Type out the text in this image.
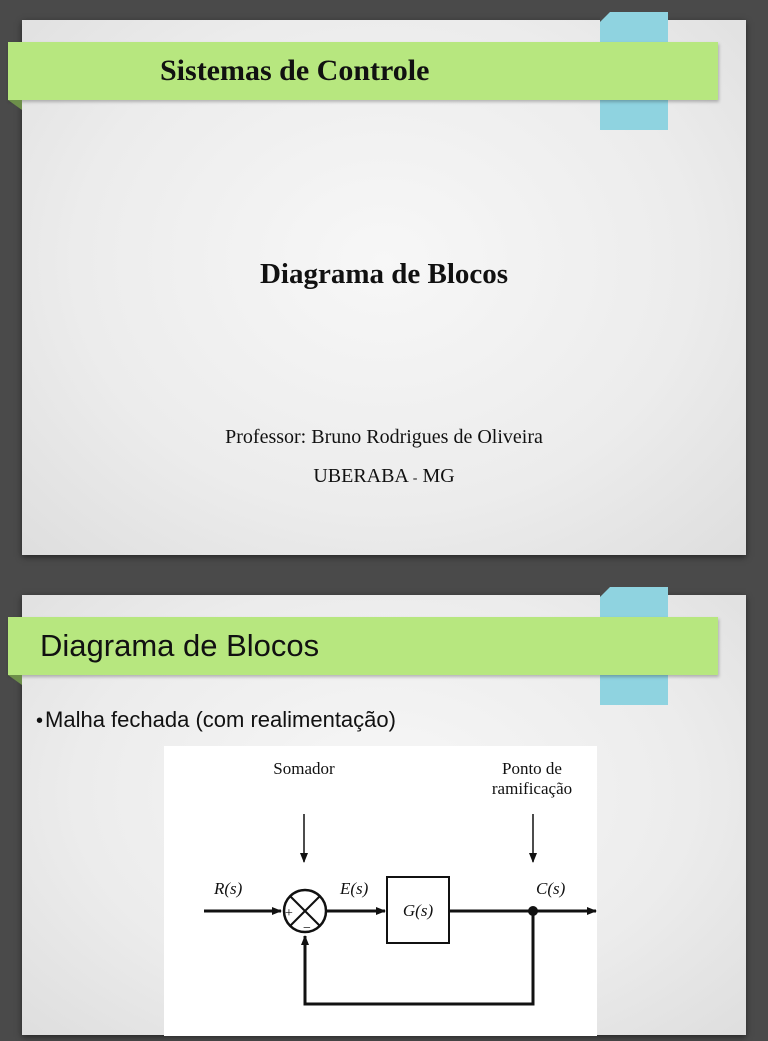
Sistemas de Controle
Diagrama de Blocos
Professor: Bruno Rodrigues de Oliveira
UBERABA - MG
Diagrama de Blocos
• Malha fechada (com realimentação)
Somador	Ponto de
ramificação
R(s)	E(s)	C(s)
+
−
G(s)
